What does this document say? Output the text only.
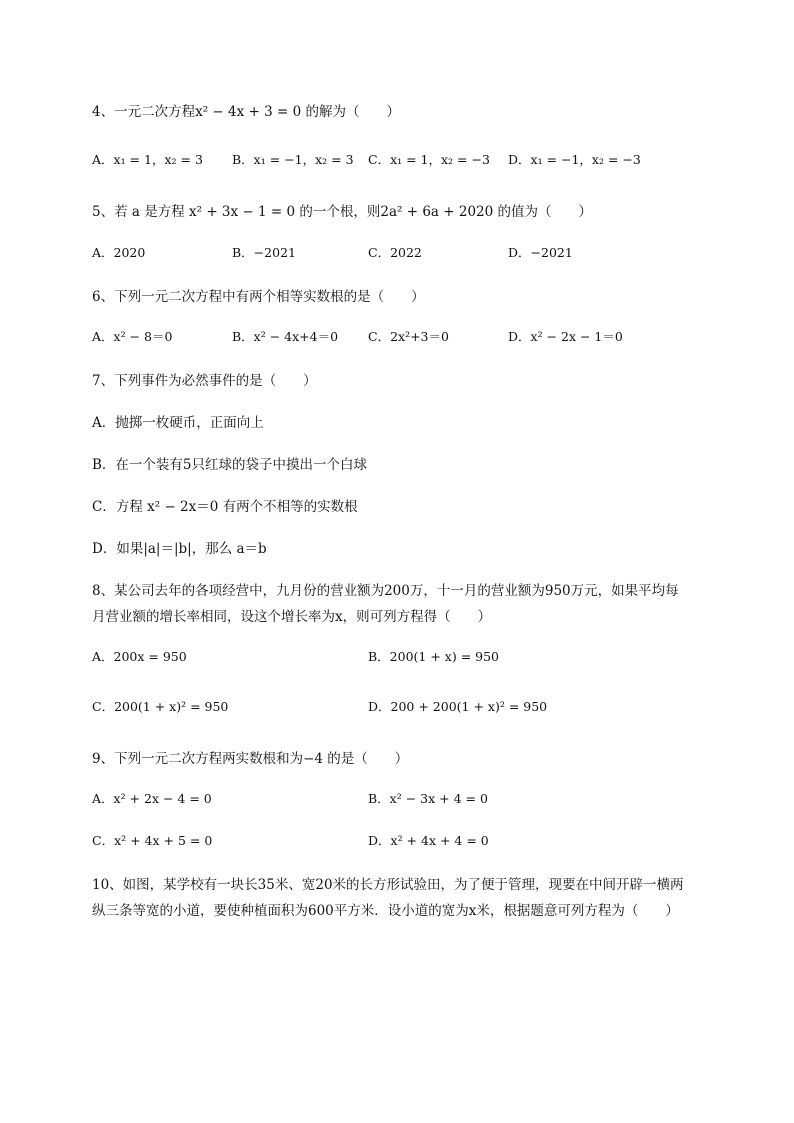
4、一元二次方程x² − 4x + 3 = 0 的解为（　　）
A．x₁ = 1，x₂ = 3 B．x₁ = −1，x₂ = 3 C．x₁ = 1，x₂ = −3 D．x₁ = −1，x₂ = −3
5、若 a 是方程 x² + 3x − 1 = 0 的一个根，则2a² + 6a + 2020 的值为（　　）
A．2020	B．−2021	C．2022	D．−2021
6、下列一元二次方程中有两个相等实数根的是（　　）
A．x² − 8＝0	B．x² − 4x+4＝0 C．2x²+3＝0	D．x² − 2x − 1＝0
7、下列事件为必然事件的是（　　）
A．抛掷一枚硬币，正面向上
B．在一个装有5只红球的袋子中摸出一个白球
C．方程 x² − 2x＝0 有两个不相等的实数根
D．如果|a|＝|b|，那么 a＝b
8、某公司去年的各项经营中，九月份的营业额为200万，十一月的营业额为950万元，如果平均每
月营业额的增长率相同，设这个增长率为x，则可列方程得（　　）
A．200x = 950	B．200(1 + x) = 950
C．200(1 + x)² = 950	D．200 + 200(1 + x)² = 950
9、下列一元二次方程两实数根和为−4 的是（　　）
A．x² + 2x − 4 = 0	B．x² − 3x + 4 = 0
C．x² + 4x + 5 = 0	D．x² + 4x + 4 = 0
10、如图，某学校有一块长35米、宽20米的长方形试验田，为了便于管理，现要在中间开辟一横两
纵三条等宽的小道，要使种植面积为600平方米．设小道的宽为x米，根据题意可列方程为（　　）
